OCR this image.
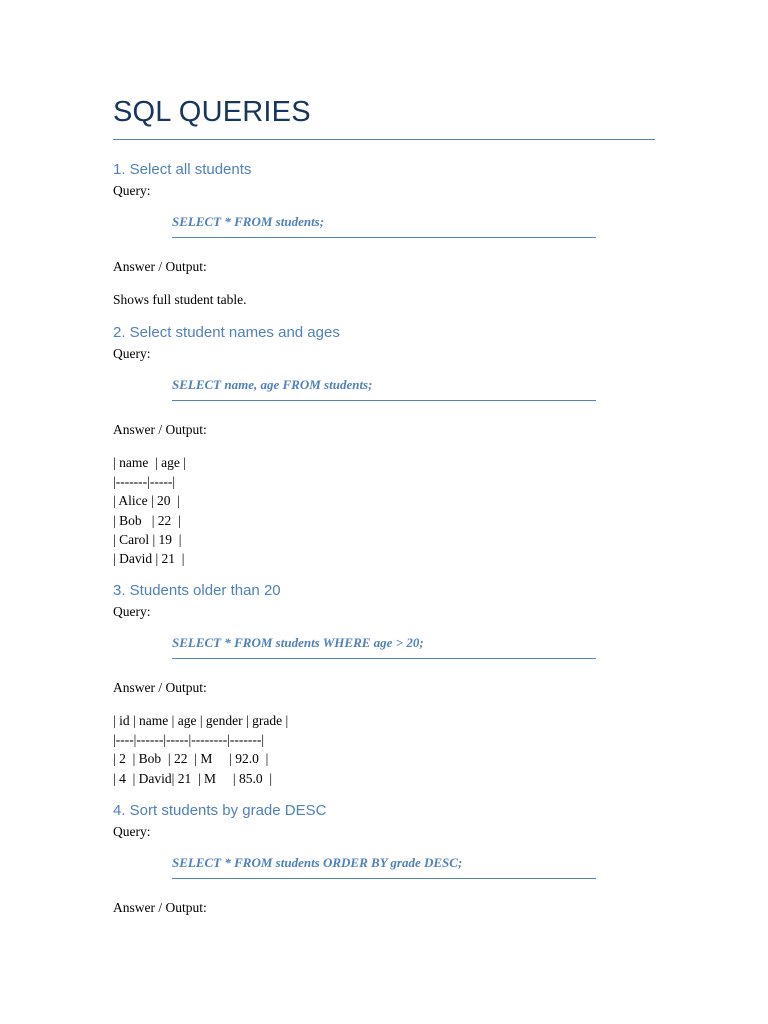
SQL QUERIES
1. Select all students
Query:
SELECT * FROM students;
Answer / Output:
Shows full student table.
2. Select student names and ages
Query:
SELECT name, age FROM students;
Answer / Output:
| name  | age |
|-------|-----|
| Alice | 20  |
| Bob   | 22  |
| Carol | 19  |
| David | 21  |
3. Students older than 20
Query:
SELECT * FROM students WHERE age > 20;
Answer / Output:
| id | name | age | gender | grade |
|----|------|-----|--------|-------|
| 2  | Bob  | 22  | M     | 92.0  |
| 4  | David| 21  | M     | 85.0  |
4. Sort students by grade DESC
Query:
SELECT * FROM students ORDER BY grade DESC;
Answer / Output:
